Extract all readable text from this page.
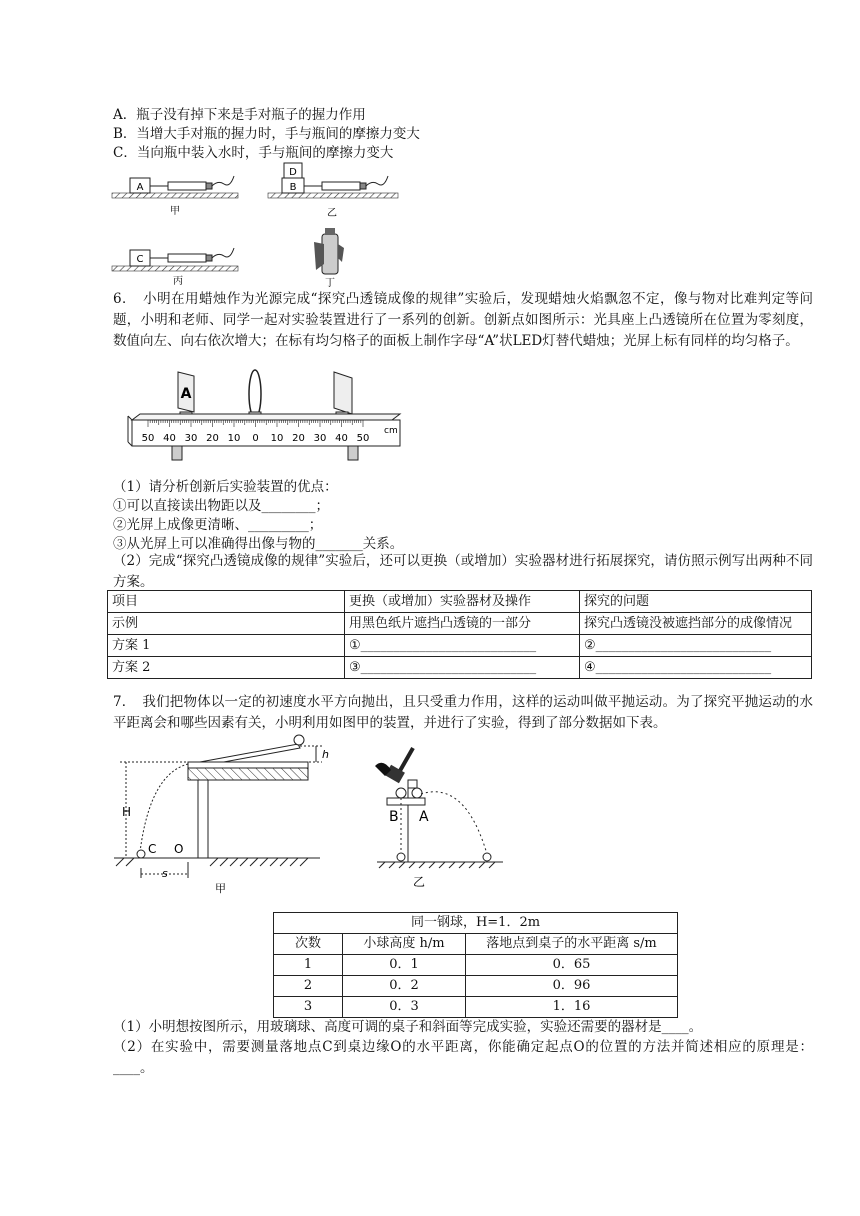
A．瓶子没有掉下来是手对瓶子的握力作用
B．当增大手对瓶的握力时，手与瓶间的摩擦力变大
C．当向瓶中装入水时，手与瓶间的摩擦力变大
A
甲
D
B
乙
C
丙	丁
6．　小明在用蜡烛作为光源完成“探究凸透镜成像的规律”实验后，发现蜡烛火焰飘忽不定，像与物对比难判定等问题，小明和老师、同学一起对实验装置进行了一系列的创新。创新点如图所示：光具座上凸透镜所在位置为零刻度，数值向左、向右依次增大；在标有均匀格子的面板上制作字母“A”状LED灯替代蜡烛；光屏上标有同样的均匀格子。
A
50 40 30 20 10 0 10 20 30 40 50
cm
（1）请分析创新后实验装置的优点：
①可以直接读出物距以及________；
②光屏上成像更清晰、_________；
③从光屏上可以准确得出像与物的_______关系。
（2）完成“探究凸透镜成像的规律”实验后，还可以更换（或增加）实验器材进行拓展探究，请仿照示例写出两种不同方案。
项目	更换（或增加）实验器材及操作	探究的问题
示例	用黑色纸片遮挡凸透镜的一部分	探究凸透镜没被遮挡部分的成像情况
方案 1	①___________________________	②___________________________
方案 2	③___________________________	④___________________________
7．　我们把物体以一定的初速度水平方向抛出，且只受重力作用，这样的运动叫做平抛运动。为了探究平抛运动的水平距离会和哪些因素有关，小明利用如图甲的装置，并进行了实验，得到了部分数据如下表。
h
H
C O
s
甲
B A
乙
同一钢球，H=1．2m		
次数	小球高度 h/m	落地点到桌子的水平距离 s/m
1	0．1	0．65
2	0．2	0．96
3	0．3	1．16
（1）小明想按图所示，用玻璃球、高度可调的桌子和斜面等完成实验，实验还需要的器材是____。
（2）在实验中，需要测量落地点C到桌边缘O的水平距离，你能确定起点O的位置的方法并简述相应的原理是：____。
